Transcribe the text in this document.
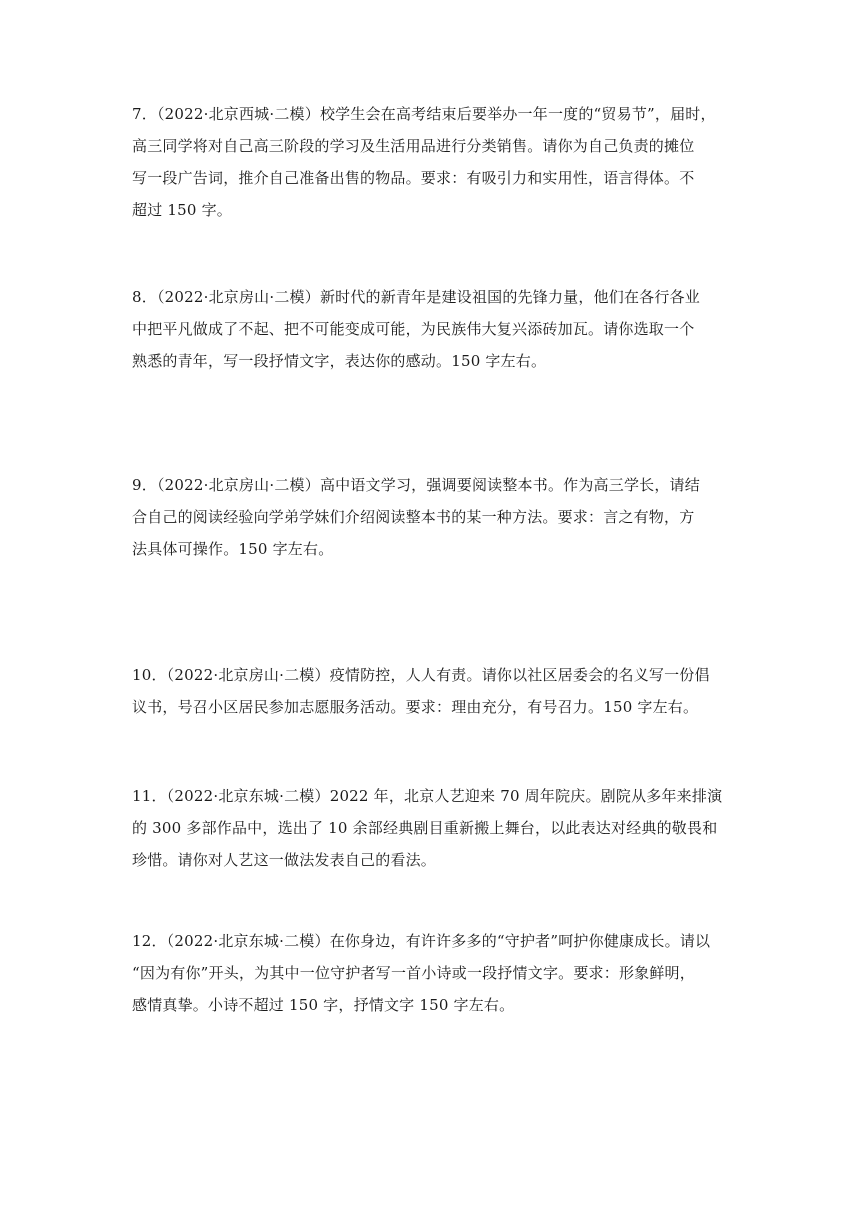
7．（2022·北京西城·二模）校学生会在高考结束后要举办一年一度的“贸易节”，届时，
高三同学将对自己高三阶段的学习及生活用品进行分类销售。请你为自己负责的摊位
写一段广告词，推介自己准备出售的物品。要求：有吸引力和实用性，语言得体。不
超过 150 字。
8．（2022·北京房山·二模）新时代的新青年是建设祖国的先锋力量，他们在各行各业
中把平凡做成了不起、把不可能变成可能，为民族伟大复兴添砖加瓦。请你选取一个
熟悉的青年，写一段抒情文字，表达你的感动。150 字左右。
9．（2022·北京房山·二模）高中语文学习，强调要阅读整本书。作为高三学长，请结
合自己的阅读经验向学弟学妹们介绍阅读整本书的某一种方法。要求：言之有物，方
法具体可操作。150 字左右。
10．（2022·北京房山·二模）疫情防控，人人有责。请你以社区居委会的名义写一份倡
议书，号召小区居民参加志愿服务活动。要求：理由充分，有号召力。150 字左右。
11．（2022·北京东城·二模）2022 年，北京人艺迎来 70 周年院庆。剧院从多年来排演
的 300 多部作品中，选出了 10 余部经典剧目重新搬上舞台，以此表达对经典的敬畏和
珍惜。请你对人艺这一做法发表自己的看法。
12．（2022·北京东城·二模）在你身边，有许许多多的“守护者”呵护你健康成长。请以
“因为有你”开头，为其中一位守护者写一首小诗或一段抒情文字。要求：形象鲜明，
感情真挚。小诗不超过 150 字，抒情文字 150 字左右。
